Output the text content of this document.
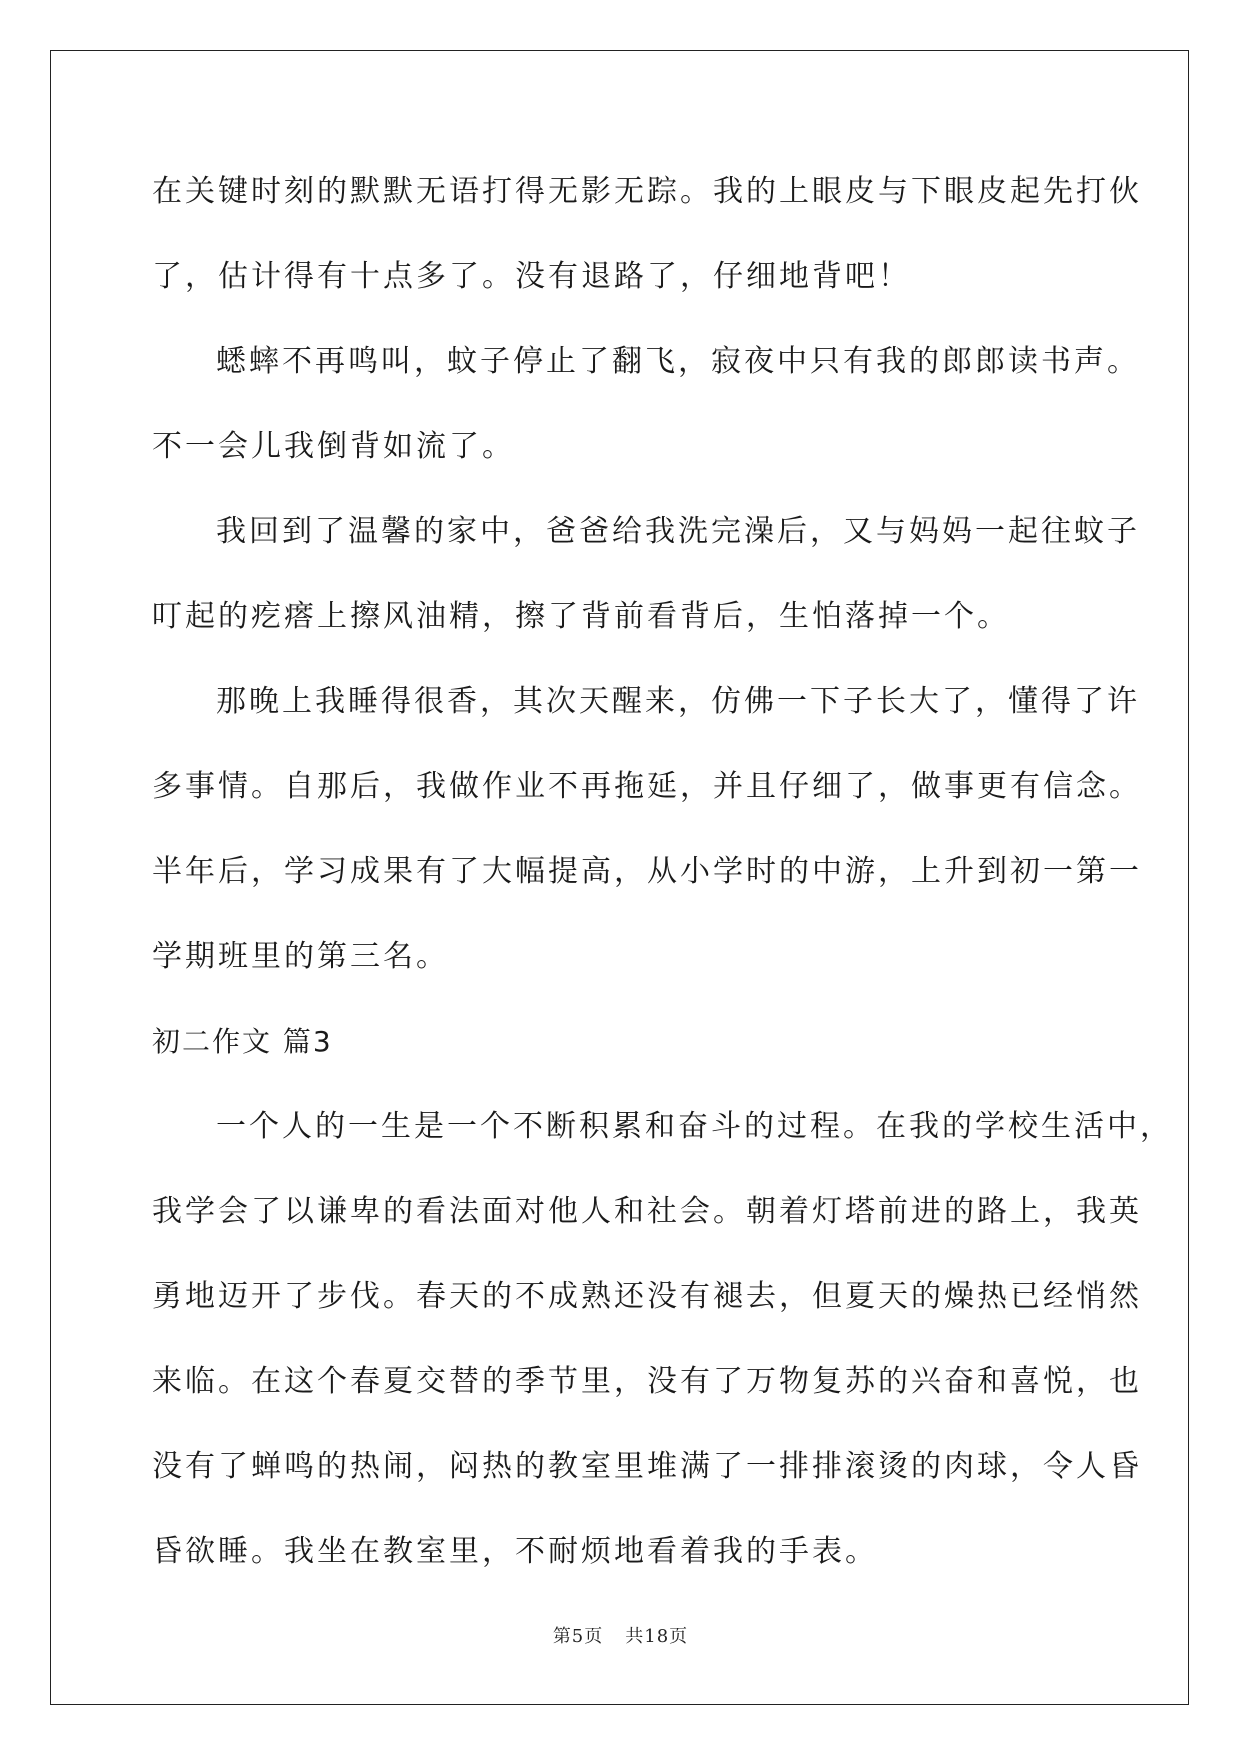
在关键时刻的默默无语打得无影无踪。我的上眼皮与下眼皮起先打伙

了，估计得有十点多了。没有退路了，仔细地背吧！

蟋蟀不再鸣叫，蚊子停止了翻飞，寂夜中只有我的郎郎读书声。

不一会儿我倒背如流了。

我回到了温馨的家中，爸爸给我洗完澡后，又与妈妈一起往蚊子

叮起的疙瘩上擦风油精，擦了背前看背后，生怕落掉一个。

那晚上我睡得很香，其次天醒来，仿佛一下子长大了，懂得了许

多事情。自那后，我做作业不再拖延，并且仔细了，做事更有信念。

半年后，学习成果有了大幅提高，从小学时的中游，上升到初一第一

学期班里的第三名。

初二作文 篇3

一个人的一生是一个不断积累和奋斗的过程。在我的学校生活中，

我学会了以谦卑的看法面对他人和社会。朝着灯塔前进的路上，我英

勇地迈开了步伐。春天的不成熟还没有褪去，但夏天的燥热已经悄然

来临。在这个春夏交替的季节里，没有了万物复苏的兴奋和喜悦，也

没有了蝉鸣的热闹，闷热的教室里堆满了一排排滚烫的肉球，令人昏

昏欲睡。我坐在教室里，不耐烦地看着我的手表。

第5页 共18页
